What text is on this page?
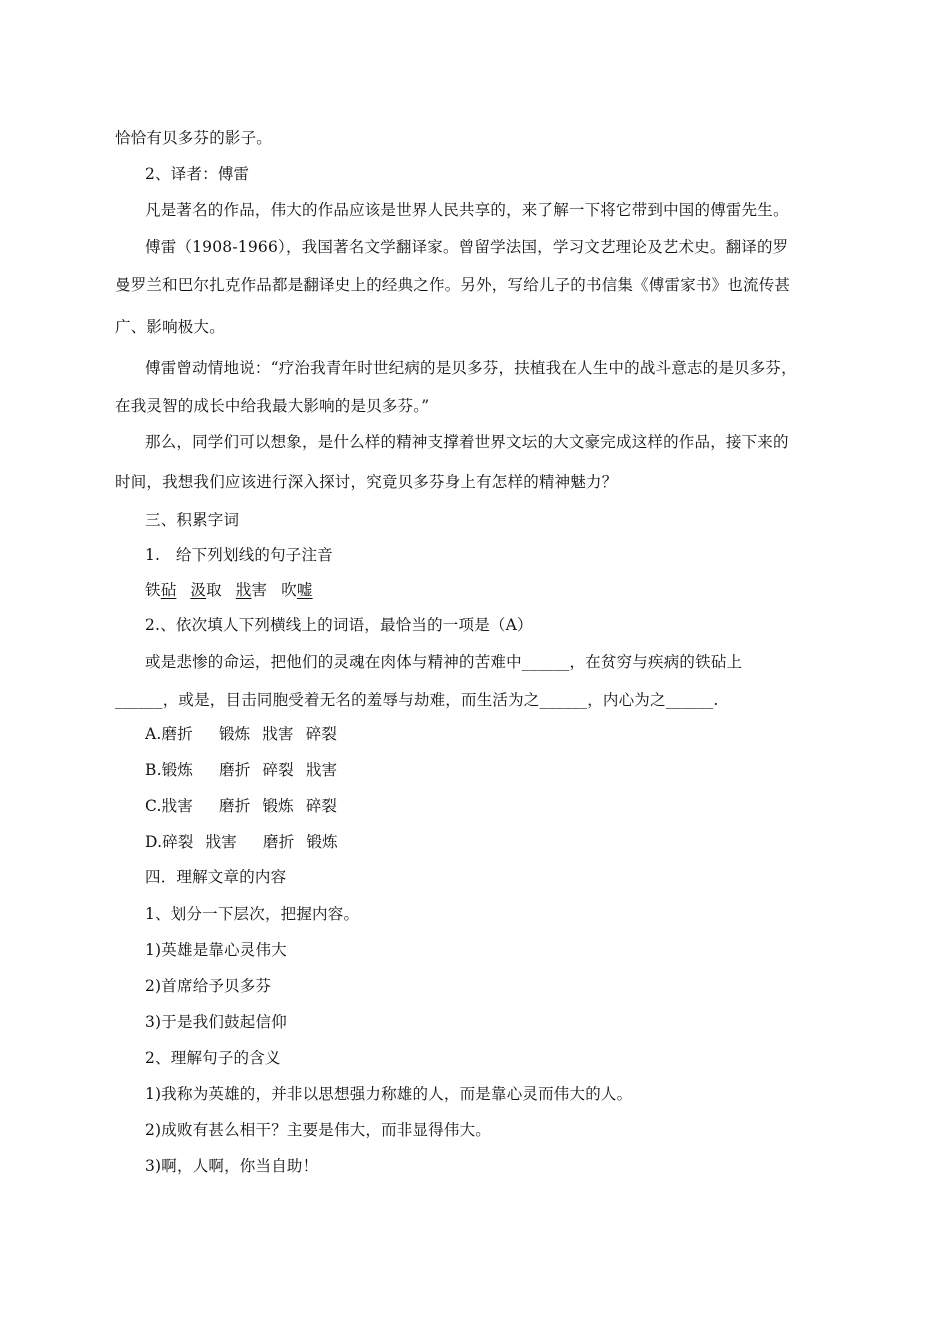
恰恰有贝多芬的影子。
2、译者：傅雷
凡是著名的作品，伟大的作品应该是世界人民共享的，来了解一下将它带到中国的傅雷先生。
傅雷（1908-1966），我国著名文学翻译家。曾留学法国，学习文艺理论及艺术史。翻译的罗
曼罗兰和巴尔扎克作品都是翻译史上的经典之作。另外，写给儿子的书信集《傅雷家书》也流传甚
广、影响极大。
傅雷曾动情地说：“疗治我青年时世纪病的是贝多芬，扶植我在人生中的战斗意志的是贝多芬，
在我灵智的成长中给我最大影响的是贝多芬。”
那么，同学们可以想象，是什么样的精神支撑着世界文坛的大文豪完成这样的作品，接下来的
时间，我想我们应该进行深入探讨，究竟贝多芬身上有怎样的精神魅力？
三、积累字词
1.　给下列划线的句子注音
铁砧 汲取 戕害 吹嘘
2.、依次填人下列横线上的词语，最恰当的一项是（A）
或是悲惨的命运，把他们的灵魂在肉体与精神的苦难中______，在贫穷与疾病的铁砧上
______，或是，目击同胞受着无名的羞辱与劫难，而生活为之______，内心为之______.
A.磨折 锻炼 戕害 碎裂
B.锻炼 磨折 碎裂 戕害
C.戕害 磨折 锻炼 碎裂
D.碎裂 戕害 磨折 锻炼
四．理解文章的内容
1、划分一下层次，把握内容。
1)英雄是靠心灵伟大
2)首席给予贝多芬
3)于是我们鼓起信仰
2、理解句子的含义
1)我称为英雄的，并非以思想强力称雄的人，而是靠心灵而伟大的人。
2)成败有甚么相干？主要是伟大，而非显得伟大。
3)啊，人啊，你当自助！
